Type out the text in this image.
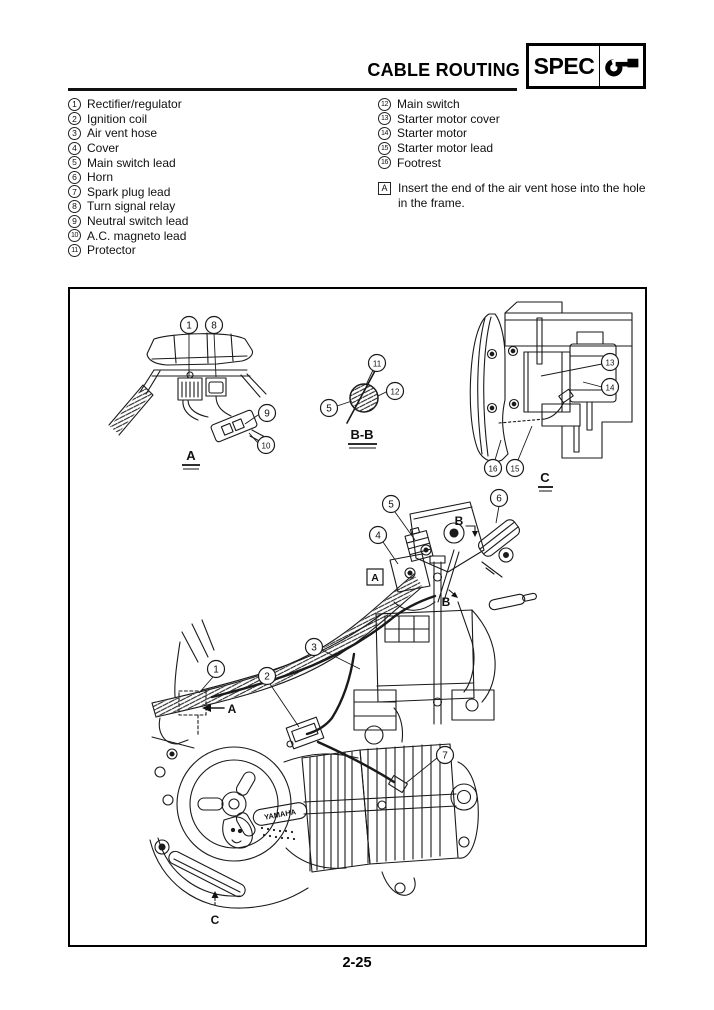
CABLE ROUTING SPEC
1 Rectifier/regulator
2 Ignition coil
3 Air vent hose
4 Cover
5 Main switch lead
6 Horn
7 Spark plug lead
8 Turn signal relay
9 Neutral switch lead
10 A.C. magneto lead
11 Protector
12 Main switch
13 Starter motor cover
14 Starter motor
15 Starter motor lead
16 Footrest
A Insert the end of the air vent hose into the hole in the frame.
1 8
9
10
A
11
12
5
B-B
13
14
16 15
C
A
YAMAHA
C
B
B
A
5
6
4
3
1
2
7
2-25
